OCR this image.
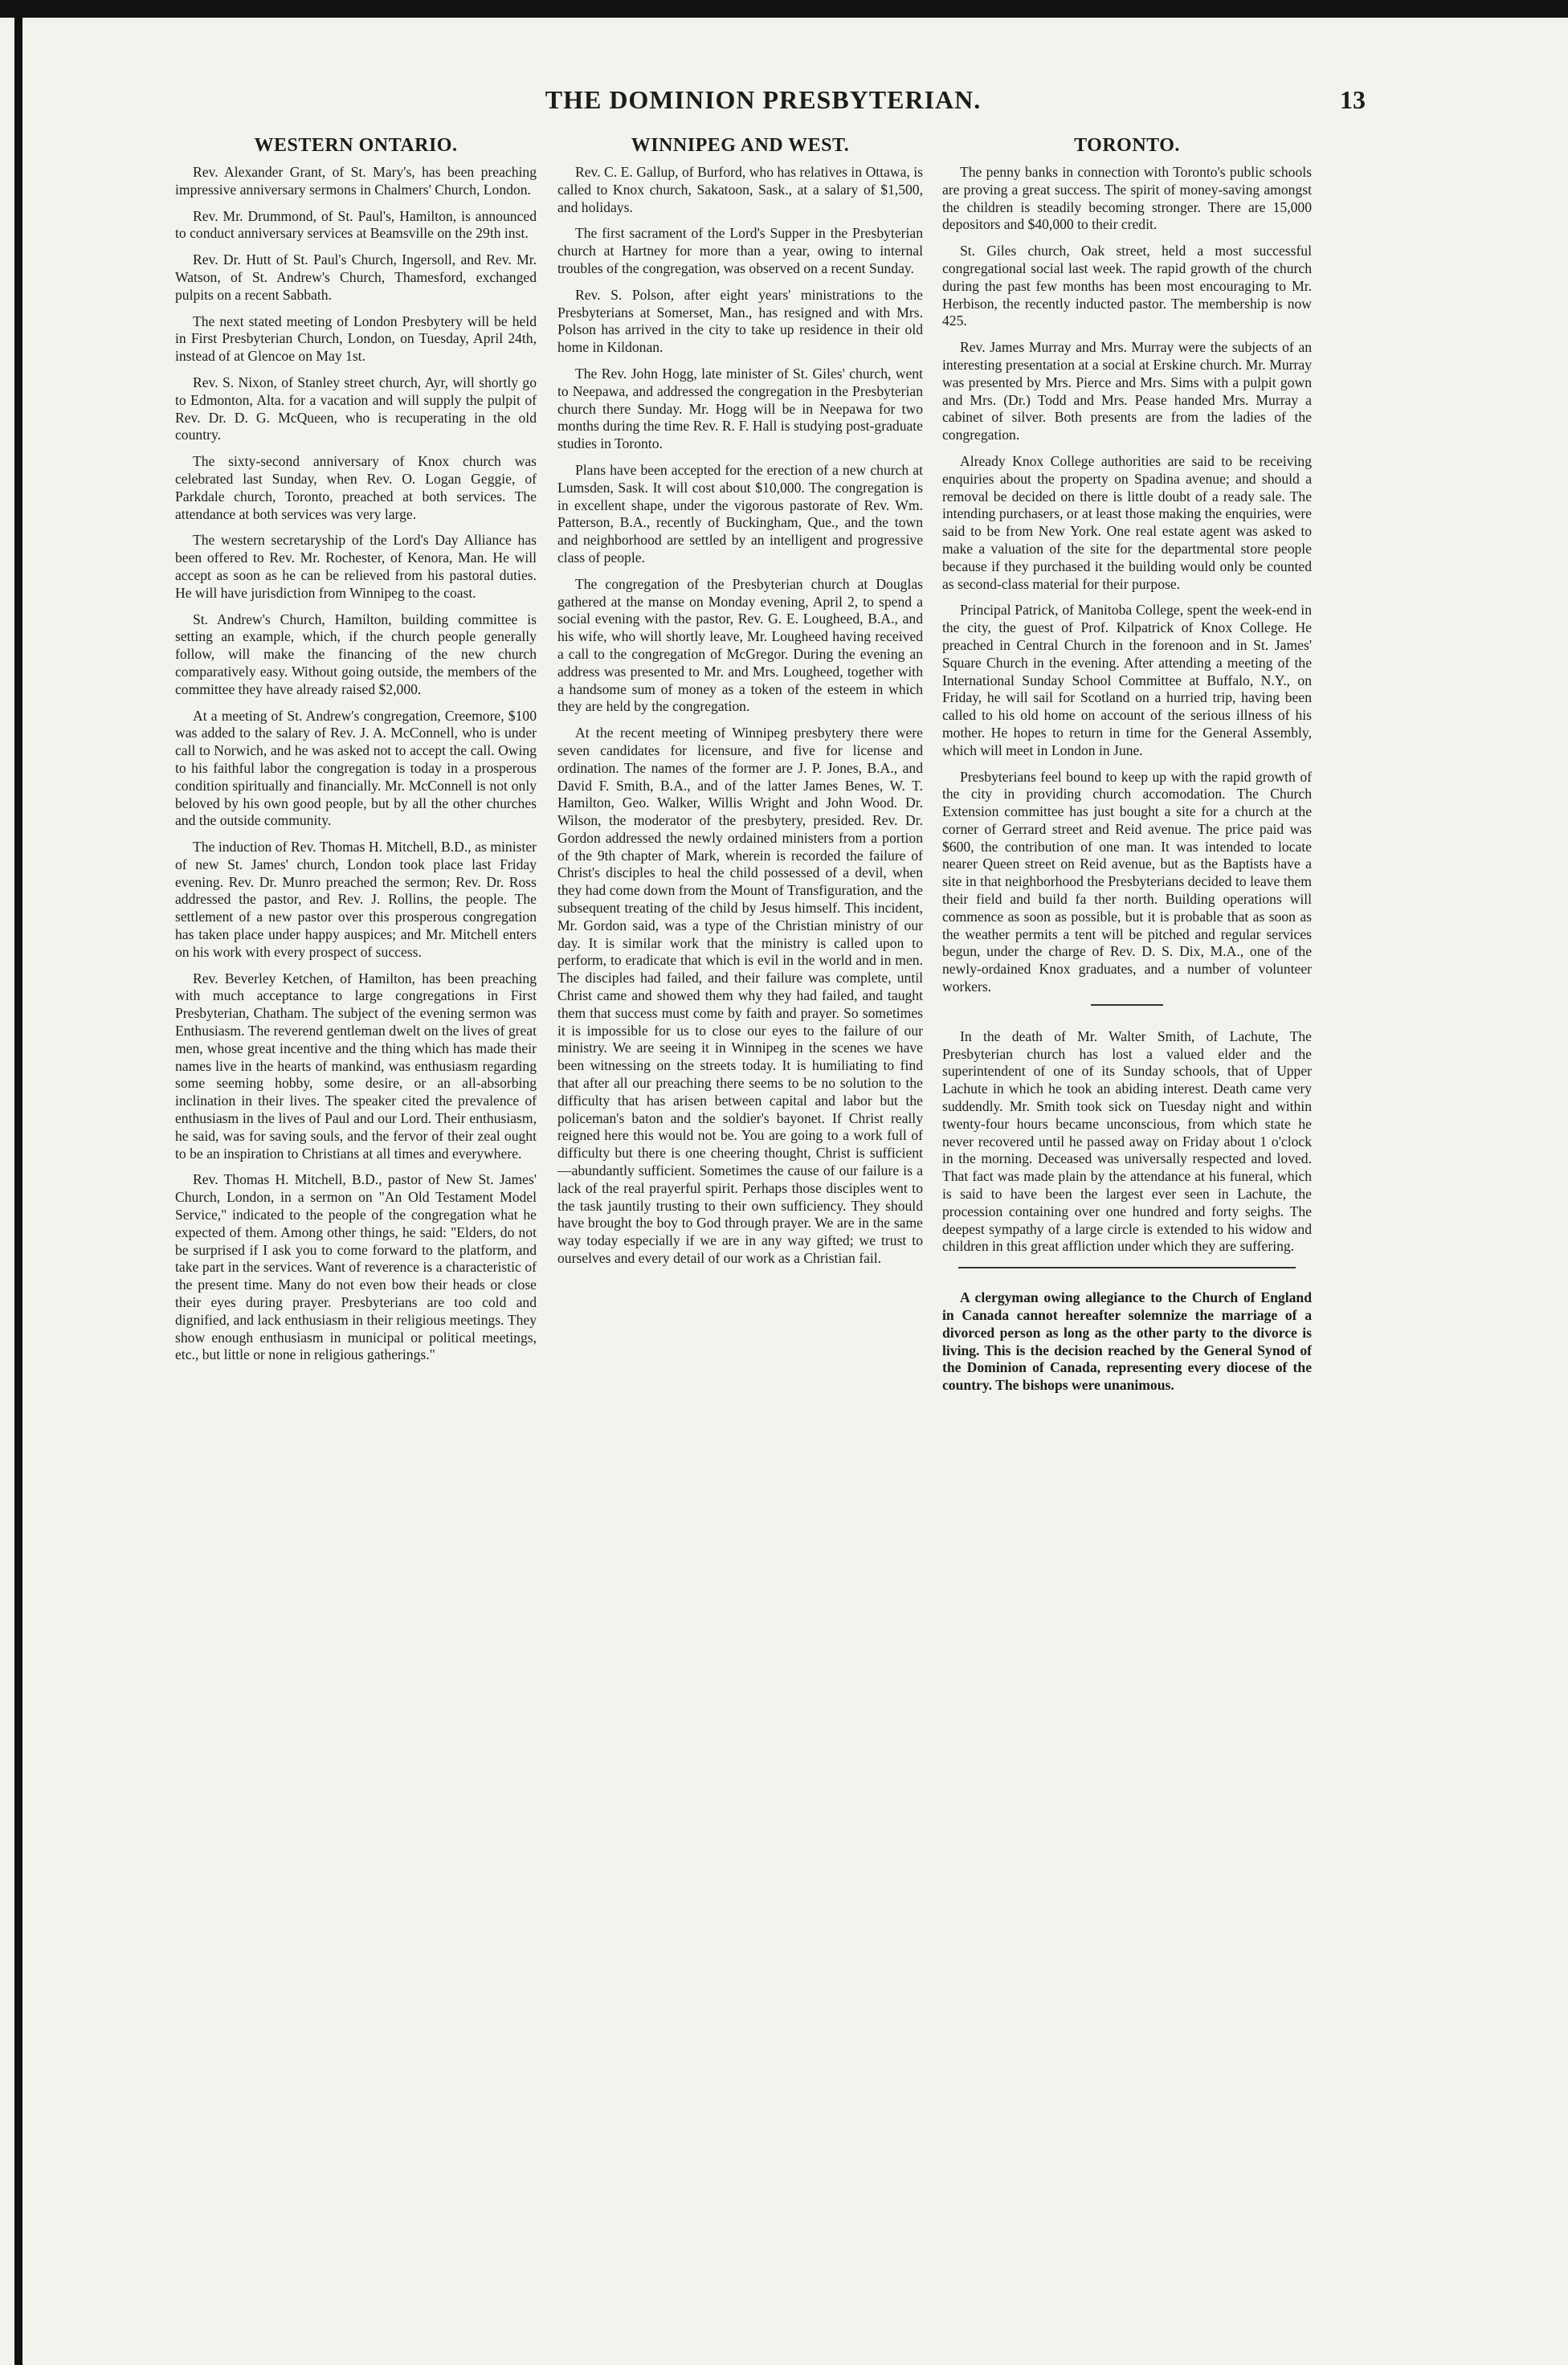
THE DOMINION PRESBYTERIAN.	13
WESTERN ONTARIO.

Rev. Alexander Grant, of St. Mary's, has been preaching impressive anniversary sermons in Chalmers' Church, London.

Rev. Mr. Drummond, of St. Paul's, Hamilton, is announced to conduct anniversary services at Beamsville on the 29th inst.

Rev. Dr. Hutt of St. Paul's Church, Ingersoll, and Rev. Mr. Watson, of St. Andrew's Church, Thamesford, exchanged pulpits on a recent Sabbath.

The next stated meeting of London Presbytery will be held in First Presbyterian Church, London, on Tuesday, April 24th, instead of at Glencoe on May 1st.

Rev. S. Nixon, of Stanley street church, Ayr, will shortly go to Edmonton, Alta. for a vacation and will supply the pulpit of Rev. Dr. D. G. McQueen, who is recuperating in the old country.

The sixty-second anniversary of Knox church was celebrated last Sunday, when Rev. O. Logan Geggie, of Parkdale church, Toronto, preached at both services. The attendance at both services was very large.

The western secretaryship of the Lord's Day Alliance has been offered to Rev. Mr. Rochester, of Kenora, Man. He will accept as soon as he can be relieved from his pastoral duties. He will have jurisdiction from Winnipeg to the coast.

St. Andrew's Church, Hamilton, building committee is setting an example, which, if the church people generally follow, will make the financing of the new church comparatively easy. Without going outside, the members of the committee they have already raised $2,000.

At a meeting of St. Andrew's congregation, Creemore, $100 was added to the salary of Rev. J. A. McConnell, who is under call to Norwich, and he was asked not to accept the call. Owing to his faithful labor the congregation is today in a prosperous condition spiritually and financially. Mr. McConnell is not only beloved by his own good people, but by all the other churches and the outside community.

The induction of Rev. Thomas H. Mitchell, B.D., as minister of new St. James' church, London took place last Friday evening. Rev. Dr. Munro preached the sermon; Rev. Dr. Ross addressed the pastor, and Rev. J. Rollins, the people. The settlement of a new pastor over this prosperous congregation has taken place under happy auspices; and Mr. Mitchell enters on his work with every prospect of success.

Rev. Beverley Ketchen, of Hamilton, has been preaching with much acceptance to large congregations in First Presbyterian, Chatham. The subject of the evening sermon was Enthusiasm. The reverend gentleman dwelt on the lives of great men, whose great incentive and the thing which has made their names live in the hearts of mankind, was enthusiasm regarding some seeming hobby, some desire, or an all-absorbing inclination in their lives. The speaker cited the prevalence of enthusiasm in the lives of Paul and our Lord. Their enthusiasm, he said, was for saving souls, and the fervor of their zeal ought to be an inspiration to Christians at all times and everywhere.

Rev. Thomas H. Mitchell, B.D., pastor of New St. James' Church, London, in a sermon on "An Old Testament Model Service," indicated to the people of the congregation what he expected of them. Among other things, he said: "Elders, do not be surprised if I ask you to come forward to the platform, and take part in the services. Want of reverence is a characteristic of the present time. Many do not even bow their heads or close their eyes during prayer. Presbyterians are too cold and dignified, and lack enthusiasm in their religious meetings. They show enough enthusiasm in municipal or political meetings, etc., but little or none in religious gatherings."

WINNIPEG AND WEST.

Rev. C. E. Gallup, of Burford, who has relatives in Ottawa, is called to Knox church, Sakatoon, Sask., at a salary of $1,500, and holidays.

The first sacrament of the Lord's Supper in the Presbyterian church at Hartney for more than a year, owing to internal troubles of the congregation, was observed on a recent Sunday.

Rev. S. Polson, after eight years' ministrations to the Presbyterians at Somerset, Man., has resigned and with Mrs. Polson has arrived in the city to take up residence in their old home in Kildonan.

The Rev. John Hogg, late minister of St. Giles' church, went to Neepawa, and addressed the congregation in the Presbyterian church there Sunday. Mr. Hogg will be in Neepawa for two months during the time Rev. R. F. Hall is studying post-graduate studies in Toronto.

Plans have been accepted for the erection of a new church at Lumsden, Sask. It will cost about $10,000. The congregation is in excellent shape, under the vigorous pastorate of Rev. Wm. Patterson, B.A., recently of Buckingham, Que., and the town and neighborhood are settled by an intelligent and progressive class of people.

The congregation of the Presbyterian church at Douglas gathered at the manse on Monday evening, April 2, to spend a social evening with the pastor, Rev. G. E. Lougheed, B.A., and his wife, who will shortly leave, Mr. Lougheed having received a call to the congregation of McGregor. During the evening an address was presented to Mr. and Mrs. Lougheed, together with a handsome sum of money as a token of the esteem in which they are held by the congregation.

At the recent meeting of Winnipeg presbytery there were seven candidates for licensure, and five for license and ordination. The names of the former are J. P. Jones, B.A., and David F. Smith, B.A., and of the latter James Benes, W. T. Hamilton, Geo. Walker, Willis Wright and John Wood. Dr. Wilson, the moderator of the presbytery, presided. Rev. Dr. Gordon addressed the newly ordained ministers from a portion of the 9th chapter of Mark, wherein is recorded the failure of Christ's disciples to heal the child possessed of a devil, when they had come down from the Mount of Transfiguration, and the subsequent treating of the child by Jesus himself. This incident, Mr. Gordon said, was a type of the Christian ministry of our day. It is similar work that the ministry is called upon to perform, to eradicate that which is evil in the world and in men. The disciples had failed, and their failure was complete, until Christ came and showed them why they had failed, and taught them that success must come by faith and prayer. So sometimes it is impossible for us to close our eyes to the failure of our ministry. We are seeing it in Winnipeg in the scenes we have been witnessing on the streets today. It is humiliating to find that after all our preaching there seems to be no solution to the difficulty that has arisen between capital and labor but the policeman's baton and the soldier's bayonet. If Christ really reigned here this would not be. You are going to a work full of difficulty but there is one cheering thought, Christ is sufficient—abundantly sufficient. Sometimes the cause of our failure is a lack of the real prayerful spirit. Perhaps those disciples went to the task jauntily trusting to their own sufficiency. They should have brought the boy to God through prayer. We are in the same way today especially if we are in any way gifted; we trust to ourselves and every detail of our work as a Christian fail.

TORONTO.

The penny banks in connection with Toronto's public schools are proving a great success. The spirit of money-saving amongst the children is steadily becoming stronger. There are 15,000 depositors and $40,000 to their credit.

St. Giles church, Oak street, held a most successful congregational social last week. The rapid growth of the church during the past few months has been most encouraging to Mr. Herbison, the recently inducted pastor. The membership is now 425.

Rev. James Murray and Mrs. Murray were the subjects of an interesting presentation at a social at Erskine church. Mr. Murray was presented by Mrs. Pierce and Mrs. Sims with a pulpit gown and Mrs. (Dr.) Todd and Mrs. Pease handed Mrs. Murray a cabinet of silver. Both presents are from the ladies of the congregation.

Already Knox College authorities are said to be receiving enquiries about the property on Spadina avenue; and should a removal be decided on there is little doubt of a ready sale. The intending purchasers, or at least those making the enquiries, were said to be from New York. One real estate agent was asked to make a valuation of the site for the departmental store people because if they purchased it the building would only be counted as second-class material for their purpose.

Principal Patrick, of Manitoba College, spent the week-end in the city, the guest of Prof. Kilpatrick of Knox College. He preached in Central Church in the forenoon and in St. James' Square Church in the evening. After attending a meeting of the International Sunday School Committee at Buffalo, N.Y., on Friday, he will sail for Scotland on a hurried trip, having been called to his old home on account of the serious illness of his mother. He hopes to return in time for the General Assembly, which will meet in London in June.

Presbyterians feel bound to keep up with the rapid growth of the city in providing church accomodation. The Church Extension committee has just bought a site for a church at the corner of Gerrard street and Reid avenue. The price paid was $600, the contribution of one man. It was intended to locate nearer Queen street on Reid avenue, but as the Baptists have a site in that neighborhood the Presbyterians decided to leave them their field and build fa ther north. Building operations will commence as soon as possible, but it is probable that as soon as the weather permits a tent will be pitched and regular services begun, under the charge of Rev. D. S. Dix, M.A., one of the newly-ordained Knox graduates, and a number of volunteer workers.

In the death of Mr. Walter Smith, of Lachute, The Presbyterian church has lost a valued elder and the superintendent of one of its Sunday schools, that of Upper Lachute in which he took an abiding interest. Death came very suddendly. Mr. Smith took sick on Tuesday night and within twenty-four hours became unconscious, from which state he never recovered until he passed away on Friday about 1 o'clock in the morning. Deceased was universally respected and loved. That fact was made plain by the attendance at his funeral, which is said to have been the largest ever seen in Lachute, the procession containing over one hundred and forty seighs. The deepest sympathy of a large circle is extended to his widow and children in this great affliction under which they are suffering.

A clergyman owing allegiance to the Church of England in Canada cannot hereafter solemnize the marriage of a divorced person as long as the other party to the divorce is living. This is the decision reached by the General Synod of the Dominion of Canada, representing every diocese of the country. The bishops were unanimous.
